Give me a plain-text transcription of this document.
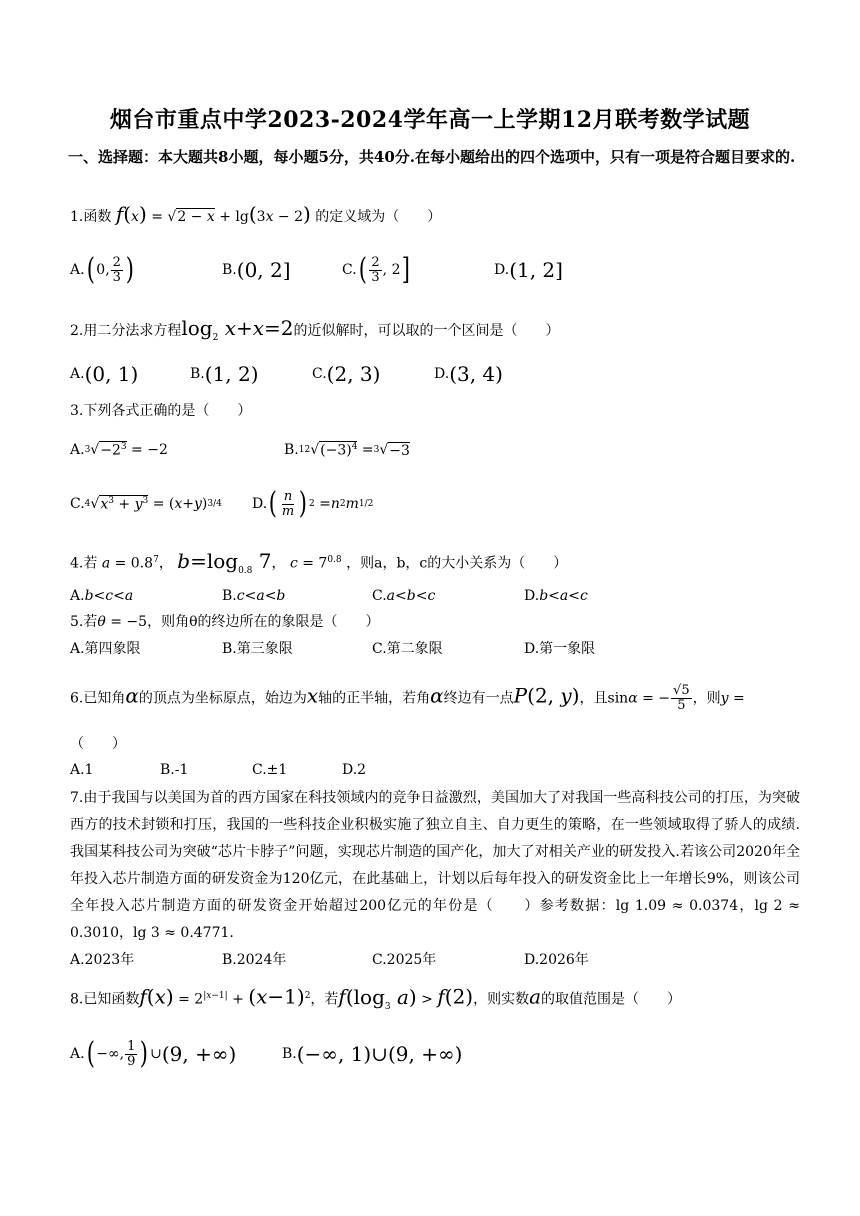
烟台市重点中学2023-2024学年高一上学期12月联考数学试题
一、选择题：本大题共8小题，每小题5分，共40分.在每小题给出的四个选项中，只有一项是符合题目要求的.
1.函数 f(x) = √2 − x + lg(3x − 2) 的定义域为（　　）
A. ( 0, $\frac{2}{3}$ )	B. ( 0, 2 ]	C. ( $\frac{2}{3}$ , 2 ]	D. (1, 2]
2.用二分法求方程$\log_2 x+x=2$的近似解时，可以取的一个区间是（　　）
A. (0, 1)	B. (1, 2)	C. (2, 3)	D. (3, 4)
3.下列各式正确的是（　　）
A. 3 √ $-2^3 = -2$	B. 12 √ $(-3)^4 = 3$ √ −3
C. 4 √ $x^3 + y^3$ = ( x + y ) 3/4 D. ( $\frac{n}{m}$ ) 2 = n 2 m 1/2
4.若 $a = 0.8^7$， $b=\log_{0.8}$ 7， $c = 7^{0.8}$ ，则a，b，c的大小关系为（　　）
A. b < c < a	B. c < a < b	C. a < b < c	D. b < a < c
5.若θ = −5，则角θ的终边所在的象限是（　　）
A.第四象限	B.第三象限	C.第二象限	D.第一象限
6.已知角α的顶点为坐标原点，始边为x轴的正半轴，若角α终边有一点P(2, y)，且sinα = − $\frac{√5}{5}$ ，则y =
（　　）
A.1	B.-1	C.±1	D.2
7.由于我国与以美国为首的西方国家在科技领域内的竞争日益激烈，美国加大了对我国一些高科技公司的打压，为突破西方的技术封锁和打压，我国的一些科技企业积极实施了独立自主、自力更生的策略，在一些领域取得了骄人的成绩.我国某科技公司为突破“芯片卡脖子”问题，实现芯片制造的国产化，加大了对相关产业的研发投入.若该公司2020年全年投入芯片制造方面的研发资金为120亿元，在此基础上，计划以后每年投入的研发资金比上一年增长9%，则该公司全年投入芯片制造方面的研发资金开始超过200亿元的年份是（　　）参考数据：lg 1.09 ≈ 0.0374，lg 2 ≈ 0.3010，lg 3 ≈ 0.4771.
A.2023年	B.2024年	C.2025年	D.2026年
8.已知函数$f(x) = 2^{|x-1|} + (x-1)^2$，若$f(\log_3$ a) > f(2)，则实数a的取值范围是（　　）
A. ( −∞, $\frac{1}{9}$ ) ∪ (9, +∞)	B. (−∞, 1)∪(9, +∞)
